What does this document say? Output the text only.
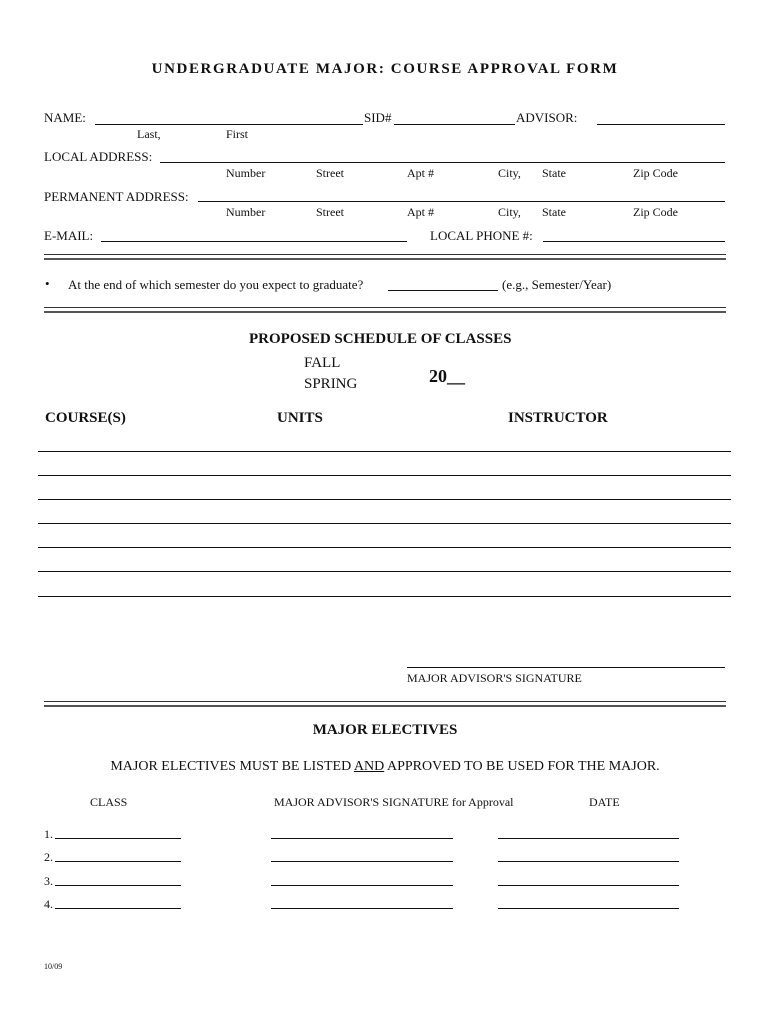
UNDERGRADUATE MAJOR: COURSE APPROVAL FORM
NAME:	SID#	ADVISOR:
Last,	First
LOCAL ADDRESS:
Number	Street	Apt #	City, State	Zip Code
PERMANENT ADDRESS:
Number	Street	Apt #	City, State	Zip Code
E-MAIL:	LOCAL PHONE #:
• At the end of which semester do you expect to graduate?	(e.g., Semester/Year)
PROPOSED SCHEDULE OF CLASSES
FALL
SPRING	20__
COURSE(S)	UNITS	INSTRUCTOR
MAJOR ADVISOR'S SIGNATURE
MAJOR ELECTIVES
MAJOR ELECTIVES MUST BE LISTED AND APPROVED TO BE USED FOR THE MAJOR.
CLASS	MAJOR ADVISOR'S SIGNATURE for Approval	DATE
1.
2.
3.
4.
10/09
